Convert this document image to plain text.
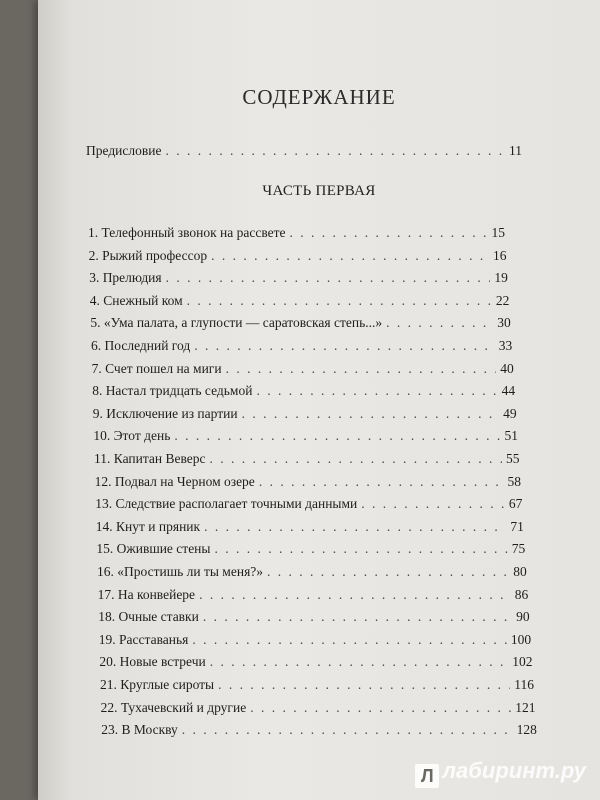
СОДЕРЖАНИЕ
Предисловие . . .	11
ЧАСТЬ ПЕРВАЯ
1. Телефонный звонок на рассвете . . .	15
2. Рыжий профессор . . .	16
3. Прелюдия . . .	19
4. Снежный ком . . .	22
5. «Ума палата, а глупости — саратовская степь...» . . .	30
6. Последний год . . .	33
7. Счет пошел на миги . . .	40
8. Настал тридцать седьмой . . .	44
9. Исключение из партии . . .	49
10. Этот день . . .	51
11. Капитан Веверс . . .	55
12. Подвал на Черном озере . . .	58
13. Следствие располагает точными данными . . .	67
14. Кнут и пряник . . .	71
15. Ожившие стены . . .	75
16. «Простишь ли ты меня?» . . .	80
17. На конвейере . . .	86
18. Очные ставки . . .	90
19. Расставанья . . .	100
20. Новые встречи . . .	102
21. Круглые сироты . . .	116
22. Тухачевский и другие . . .	121
23. В Москву . . .	128
Л лабиринт.ру
